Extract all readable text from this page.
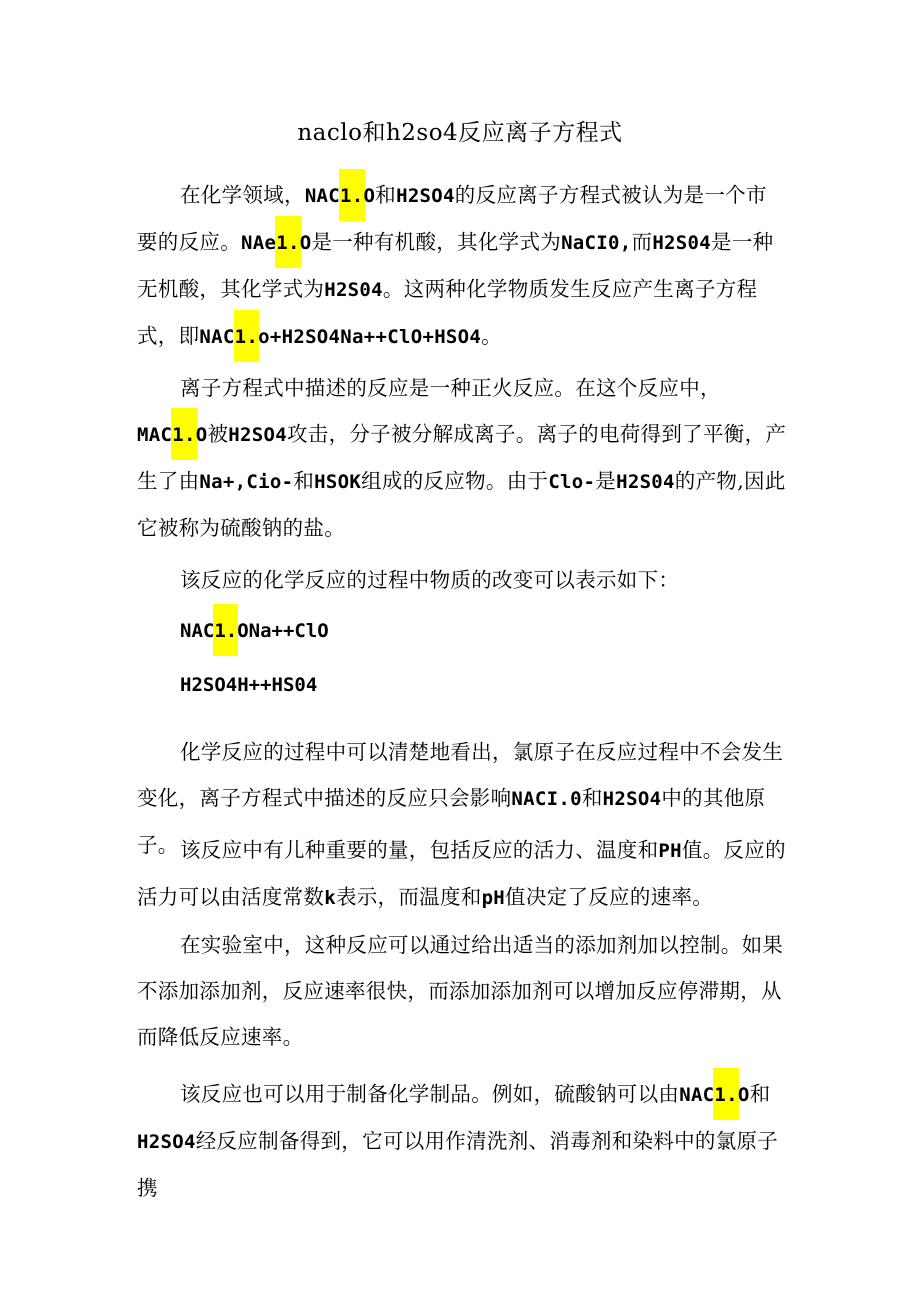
naclo和h2so4反应离子方程式

在化学领域，NAC1.O和H2SO4的反应离子方程式被认为是一个市要的反应。NAe1.O是一种有机酸，其化学式为NaCI0,而H2S04是一种无机酸，其化学式为H2S04。这两种化学物质发生反应产生离子方程式，即NAC1.o+H2SO4Na++ClO+HSO4。

离子方程式中描述的反应是一种正火反应。在这个反应中，MAC1.O被H2SO4攻击，分子被分解成离子。离子的电荷得到了平衡，产生了由Na+,Cio-和HSOK组成的反应物。由于Clo-是H2S04的产物,因此它被称为硫酸钠的盐。

该反应的化学反应的过程中物质的改变可以表示如下：

NAC1.ONa++ClO
H2SO4H++HS04

化学反应的过程中可以清楚地看出，氯原子在反应过程中不会发生变化，离子方程式中描述的反应只会影响NACI.0和H2SO4中的其他原子。 该反应中有儿种重要的量，包括反应的活力、温度和PH值。反应的活力可以由活度常数k表示，而温度和pH值决定了反应的速率。

在实验室中，这种反应可以通过给出适当的添加剂加以控制。如果不添加添加剂，反应速率很快，而添加添加剂可以增加反应停滞期，从而降低反应速率。

该反应也可以用于制备化学制品。例如，硫酸钠可以由NAC1.O和H2SO4经反应制备得到，它可以用作清洗剂、消毒剂和染料中的氯原子携
